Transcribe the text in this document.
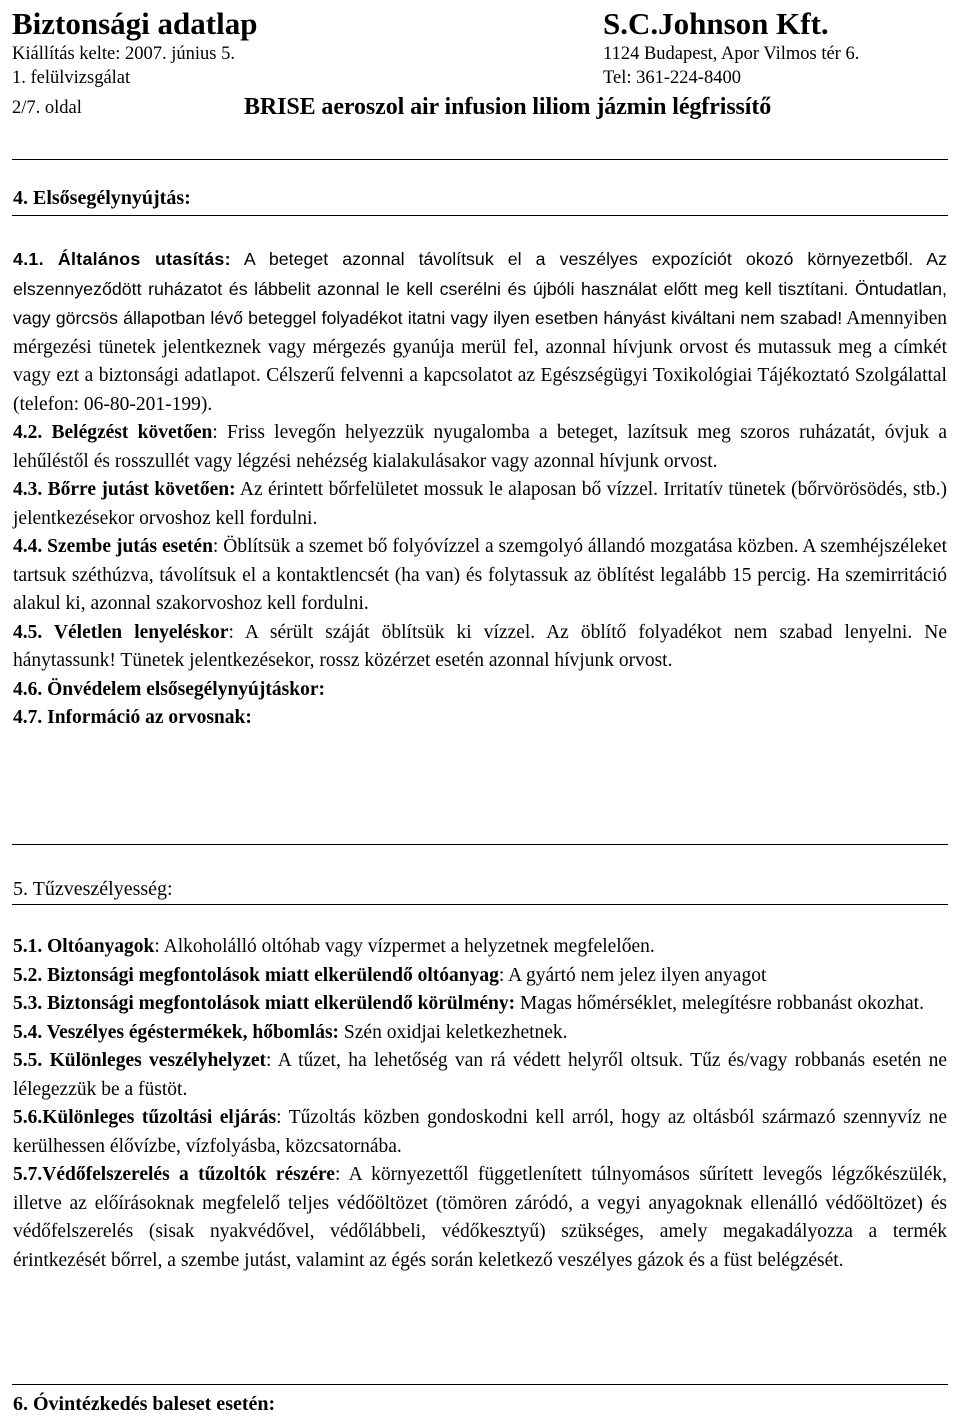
Biztonsági adatlap	S.C.Johnson Kft.
Kiállítás kelte: 2007. június 5.	1124 Budapest, Apor Vilmos tér 6.
1. felülvizsgálat	Tel: 361-224-8400
2/7. oldal	BRISE aeroszol air infusion liliom jázmin légfrissítő
4. Elsősegélynyújtás:

4.1. Általános utasítás: A beteget azonnal távolítsuk el a veszélyes expozíciót okozó környezetből. Az elszennyeződött ruházatot és lábbelit azonnal le kell cserélni és újbóli használat előtt meg kell tisztítani. Öntudatlan, vagy görcsös állapotban lévő beteggel folyadékot itatni vagy ilyen esetben hányást kiváltani nem szabad! Amennyiben mérgezési tünetek jelentkeznek vagy mérgezés gyanúja merül fel, azonnal hívjunk orvost és mutassuk meg a címkét vagy ezt a biztonsági adatlapot. Célszerű felvenni a kapcsolatot az Egészségügyi Toxikológiai Tájékoztató Szolgálattal (telefon: 06-80-201-199).

4.2. Belégzést követően: Friss levegőn helyezzük nyugalomba a beteget, lazítsuk meg szoros ruházatát, óvjuk a lehűléstől és rosszullét vagy légzési nehézség kialakulásakor vagy azonnal hívjunk orvost.

4.3. Bőrre jutást követően: Az érintett bőrfelületet mossuk le alaposan bő vízzel. Irritatív tünetek (bőrvörösödés, stb.) jelentkezésekor orvoshoz kell fordulni.

4.4. Szembe jutás esetén: Öblítsük a szemet bő folyóvízzel a szemgolyó állandó mozgatása közben. A szemhéjszéleket tartsuk széthúzva, távolítsuk el a kontaktlencsét (ha van) és folytassuk az öblítést legalább 15 percig. Ha szemirritáció alakul ki, azonnal szakorvoshoz kell fordulni.

4.5. Véletlen lenyeléskor: A sérült száját öblítsük ki vízzel. Az öblítő folyadékot nem szabad lenyelni. Ne hánytassunk! Tünetek jelentkezésekor, rossz közérzet esetén azonnal hívjunk orvost.

4.6. Önvédelem elsősegélynyújtáskor:

4.7. Információ az orvosnak:

5. Tűzveszélyesség:

5.1. Oltóanyagok: Alkoholálló oltóhab vagy vízpermet a helyzetnek megfelelően.

5.2. Biztonsági megfontolások miatt elkerülendő oltóanyag: A gyártó nem jelez ilyen anyagot

5.3. Biztonsági megfontolások miatt elkerülendő körülmény: Magas hőmérséklet, melegítésre robbanást okozhat.

5.4. Veszélyes égéstermékek, hőbomlás: Szén oxidjai keletkezhetnek.

5.5. Különleges veszélyhelyzet: A tűzet, ha lehetőség van rá védett helyről oltsuk. Tűz és/vagy robbanás esetén ne lélegezzük be a füstöt.

5.6.Különleges tűzoltási eljárás: Tűzoltás közben gondoskodni kell arról, hogy az oltásból származó szennyvíz ne kerülhessen élővízbe, vízfolyásba, közcsatornába.

5.7.Védőfelszerelés a tűzoltók részére: A környezettől függetlenített túlnyomásos sűrített levegős légzőkészülék, illetve az előírásoknak megfelelő teljes védőöltözet (tömören záródó, a vegyi anyagoknak ellenálló védőöltözet) és védőfelszerelés (sisak nyakvédővel, védőlábbeli, védőkesztyű) szükséges, amely megakadályozza a termék érintkezését bőrrel, a szembe jutást, valamint az égés során keletkező veszélyes gázok és a füst belégzését.

6. Óvintézkedés baleset esetén:
